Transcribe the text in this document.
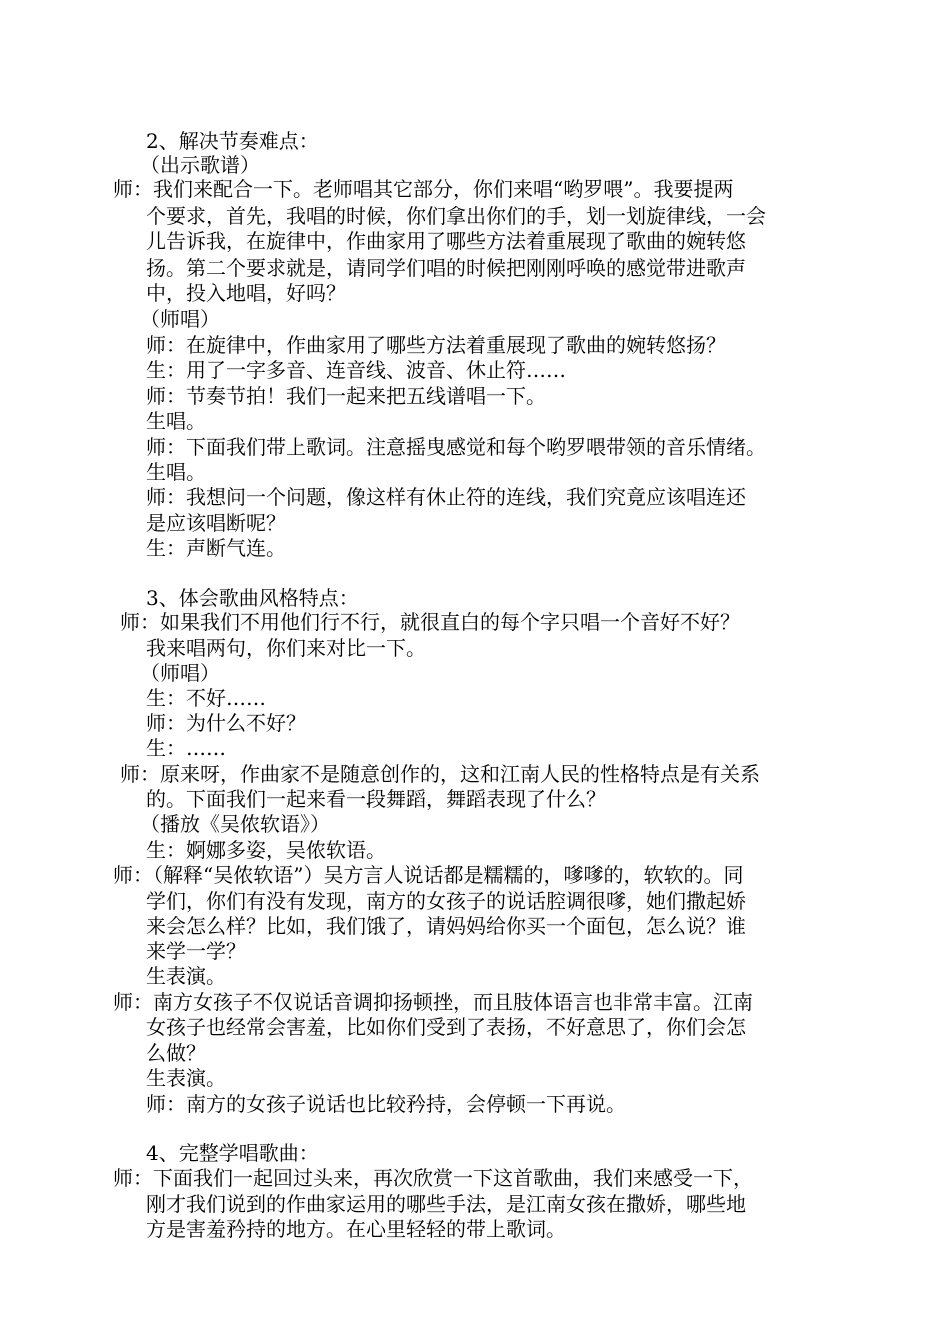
2、解决节奏难点：
（出示歌谱）
师：我们来配合一下。老师唱其它部分，你们来唱“哟罗喂”。我要提两
个要求，首先，我唱的时候，你们拿出你们的手，划一划旋律线，一会
儿告诉我，在旋律中，作曲家用了哪些方法着重展现了歌曲的婉转悠
扬。第二个要求就是，请同学们唱的时候把刚刚呼唤的感觉带进歌声
中，投入地唱，好吗？
（师唱）
师：在旋律中，作曲家用了哪些方法着重展现了歌曲的婉转悠扬？
生：用了一字多音、连音线、波音、休止符……
师：节奏节拍！我们一起来把五线谱唱一下。
生唱。
师：下面我们带上歌词。注意摇曳感觉和每个哟罗喂带领的音乐情绪。
生唱。
师：我想问一个问题，像这样有休止符的连线，我们究竟应该唱连还
是应该唱断呢？
生：声断气连。
3、体会歌曲风格特点：
师：如果我们不用他们行不行，就很直白的每个字只唱一个音好不好？
我来唱两句，你们来对比一下。
（师唱）
生：不好……
师：为什么不好？
生：……
师：原来呀，作曲家不是随意创作的，这和江南人民的性格特点是有关系
的。下面我们一起来看一段舞蹈，舞蹈表现了什么？
（播放《吴侬软语》）
生：婀娜多姿，吴侬软语。
师：（解释“吴侬软语”）吴方言人说话都是糯糯的，嗲嗲的，软软的。同
学们，你们有没有发现，南方的女孩子的说话腔调很嗲，她们撒起娇
来会怎么样？比如，我们饿了，请妈妈给你买一个面包，怎么说？谁
来学一学？
生表演。
师：南方女孩子不仅说话音调抑扬顿挫，而且肢体语言也非常丰富。江南
女孩子也经常会害羞，比如你们受到了表扬，不好意思了，你们会怎
么做？
生表演。
师：南方的女孩子说话也比较矜持，会停顿一下再说。
4、完整学唱歌曲：
师：下面我们一起回过头来，再次欣赏一下这首歌曲，我们来感受一下，
刚才我们说到的作曲家运用的哪些手法，是江南女孩在撒娇，哪些地
方是害羞矜持的地方。在心里轻轻的带上歌词。
